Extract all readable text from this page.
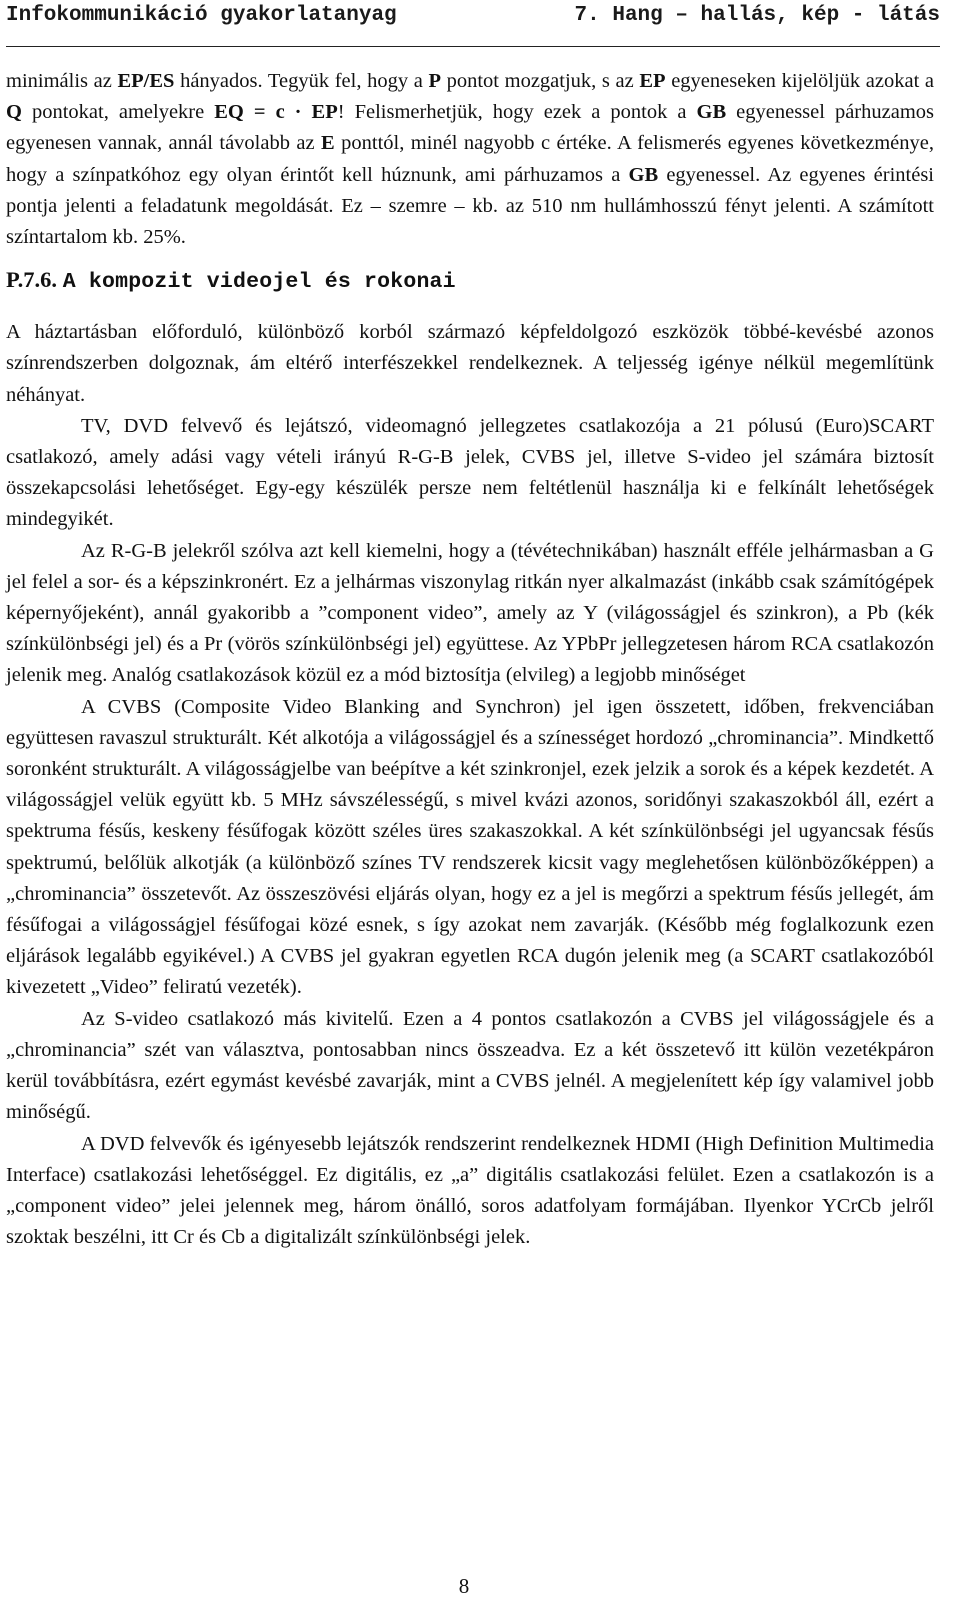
Infokommunikáció gyakorlatanyag	7. Hang – hallás, kép - látás

minimális az EP/ES hányados. Tegyük fel, hogy a P pontot mozgatjuk, s az EP egyeneseken kijelöljük azokat a Q pontokat, amelyekre EQ = c · EP! Felismerhetjük, hogy ezek a pontok a GB egyenessel párhuzamos egyenesen vannak, annál távolabb az E ponttól, minél nagyobb c értéke. A felismerés egyenes következménye, hogy a színpatkóhoz egy olyan érintőt kell húznunk, ami párhuzamos a GB egyenessel. Az egyenes érintési pontja jelenti a feladatunk megoldását. Ez – szemre – kb. az 510 nm hullámhosszú fényt jelenti. A számított színtartalom kb. 25%.

P.7.6. A kompozit videojel és rokonai

A háztartásban előforduló, különböző korból származó képfeldolgozó eszközök többé-kevésbé azonos színrendszerben dolgoznak, ám eltérő interfészekkel rendelkeznek. A teljesség igénye nélkül megemlítünk néhányat.

TV, DVD felvevő és lejátszó, videomagnó jellegzetes csatlakozója a 21 pólusú (Euro)SCART csatlakozó, amely adási vagy vételi irányú R-G-B jelek, CVBS jel, illetve S-video jel számára biztosít összekapcsolási lehetőséget. Egy-egy készülék persze nem feltétlenül használja ki e felkínált lehetőségek mindegyikét.

Az R-G-B jelekről szólva azt kell kiemelni, hogy a (tévétechnikában) használt efféle jelhármasban a G jel felel a sor- és a képszinkronért. Ez a jelhármas viszonylag ritkán nyer alkalmazást (inkább csak számítógépek képernyőjeként), annál gyakoribb a ”component video”, amely az Y (világosságjel és szinkron), a Pb (kék színkülönbségi jel) és a Pr (vörös színkülönbségi jel) együttese. Az YPbPr jellegzetesen három RCA csatlakozón jelenik meg. Analóg csatlakozások közül ez a mód biztosítja (elvileg) a legjobb minőséget

A CVBS (Composite Video Blanking and Synchron) jel igen összetett, időben, frekvenciában együttesen ravaszul strukturált. Két alkotója a világosságjel és a színességet hordozó „chrominancia”. Mindkettő soronként strukturált. A világosságjelbe van beépítve a két szinkronjel, ezek jelzik a sorok és a képek kezdetét. A világosságjel velük együtt kb. 5 MHz sávszélességű, s mivel kvázi azonos, soridőnyi szakaszokból áll, ezért a spektruma fésűs, keskeny fésűfogak között széles üres szakaszokkal. A két színkülönbségi jel ugyancsak fésűs spektrumú, belőlük alkotják (a különböző színes TV rendszerek kicsit vagy meglehetősen különbözőképpen) a „chrominancia” összetevőt. Az összeszövési eljárás olyan, hogy ez a jel is megőrzi a spektrum fésűs jellegét, ám fésűfogai a világosságjel fésűfogai közé esnek, s így azokat nem zavarják. (Később még foglalkozunk ezen eljárások legalább egyikével.) A CVBS jel gyakran egyetlen RCA dugón jelenik meg (a SCART csatlakozóból kivezetett „Video” feliratú vezeték).

Az S-video csatlakozó más kivitelű. Ezen a 4 pontos csatlakozón a CVBS jel világosságjele és a „chrominancia” szét van választva, pontosabban nincs összeadva. Ez a két összetevő itt külön vezetékpáron kerül továbbításra, ezért egymást kevésbé zavarják, mint a CVBS jelnél. A megjelenített kép így valamivel jobb minőségű.

A DVD felvevők és igényesebb lejátszók rendszerint rendelkeznek HDMI (High Definition Multimedia Interface) csatlakozási lehetőséggel. Ez digitális, ez „a” digitális csatlakozási felület. Ezen a csatlakozón is a „component video” jelei jelennek meg, három önálló, soros adatfolyam formájában. Ilyenkor YCrCb jelről szoktak beszélni, itt Cr és Cb a digitalizált színkülönbségi jelek.

8
